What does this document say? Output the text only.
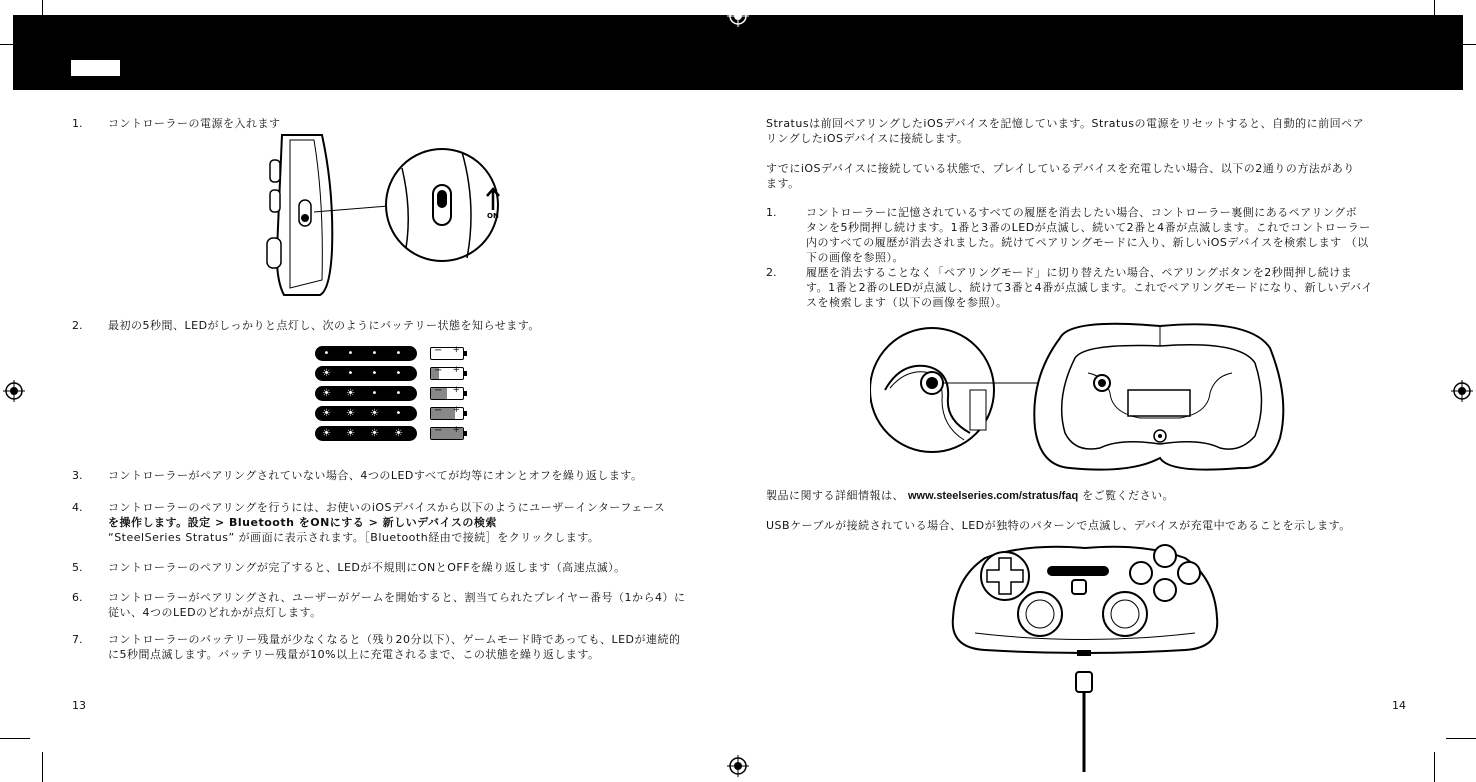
1. コントローラーの電源を入れます
ON
2. 最初の5秒間、LEDがしっかりと点灯し、次のようにバッテリー状態を知らせます。
• • • •	− +
☀ • • •	− +
☀ ☀ • •	− +
☀ ☀ ☀ •	− +
☀ ☀ ☀ ☀	− +
3. コントローラーがペアリングされていない場合、4つのLEDすべてが均等にオンとオフを繰り返します。
4. コントローラーのペアリングを行うには、お使いのiOSデバイスから以下のようにユーザーインターフェース
を操作します。設定 > Bluetooth をONにする > 新しいデバイスの検索
“SteelSeries Stratus” が画面に表示されます。［Bluetooth経由で接続］をクリックします。
5. コントローラーのペアリングが完了すると、LEDが不規則にONとOFFを繰り返します（高速点滅）。
6. コントローラーがペアリングされ、ユーザーがゲームを開始すると、割当てられたプレイヤー番号（1から4）に
従い、4つのLEDのどれかが点灯します。
7. コントローラーのバッテリー残量が少なくなると（残り20分以下）、ゲームモード時であっても、LEDが連続的
に5秒間点滅します。バッテリー残量が10%以上に充電されるまで、この状態を繰り返します。
13
Stratusは前回ペアリングしたiOSデバイスを記憶しています。Stratusの電源をリセットすると、自動的に前回ペア
リングしたiOSデバイスに接続します。
すでにiOSデバイスに接続している状態で、プレイしているデバイスを充電したい場合、以下の2通りの方法があり
ます。
1.	コントローラーに記憶されているすべての履歴を消去したい場合、コントローラー裏側にあるペアリングボ
タンを5秒間押し続けます。1番と3番のLEDが点滅し、続いて2番と4番が点滅します。これでコントローラー
内のすべての履歴が消去されました。続けてペアリングモードに入り、新しいiOSデバイスを検索します （以
下の画像を参照）。
2.	履歴を消去することなく「ペアリングモード」に切り替えたい場合、ペアリングボタンを2秒間押し続けま
す。1番と2番のLEDが点滅し、続けて3番と4番が点滅します。これでペアリングモードになり、新しいデバイ
スを検索します（以下の画像を参照）。
製品に関する詳細情報は、 www.steelseries.com/stratus/faq をご覧ください。
USBケーブルが接続されている場合、LEDが独特のパターンで点滅し、デバイスが充電中であることを示します。
14
